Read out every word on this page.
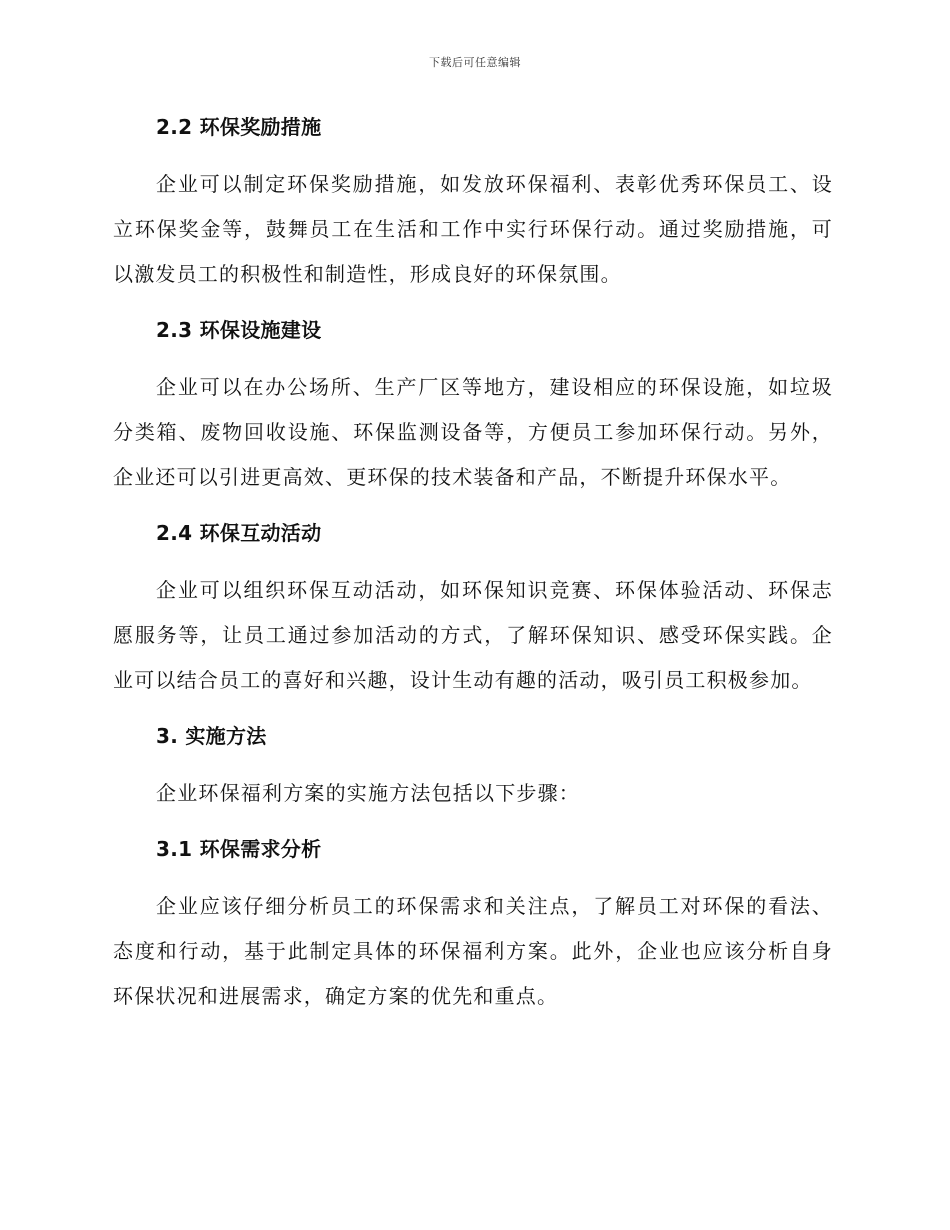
下载后可任意编辑
2.2 环保奖励措施

企业可以制定环保奖励措施，如发放环保福利、表彰优秀环保员工、设立环保奖金等，鼓舞员工在生活和工作中实行环保行动。通过奖励措施，可以激发员工的积极性和制造性，形成良好的环保氛围。

2.3 环保设施建设

企业可以在办公场所、生产厂区等地方，建设相应的环保设施，如垃圾分类箱、废物回收设施、环保监测设备等，方便员工参加环保行动。另外，企业还可以引进更高效、更环保的技术装备和产品，不断提升环保水平。

2.4 环保互动活动

企业可以组织环保互动活动，如环保知识竞赛、环保体验活动、环保志愿服务等，让员工通过参加活动的方式，了解环保知识、感受环保实践。企业可以结合员工的喜好和兴趣，设计生动有趣的活动，吸引员工积极参加。

3. 实施方法

企业环保福利方案的实施方法包括以下步骤：

3.1 环保需求分析

企业应该仔细分析员工的环保需求和关注点，了解员工对环保的看法、态度和行动，基于此制定具体的环保福利方案。此外，企业也应该分析自身环保状况和进展需求，确定方案的优先和重点。
